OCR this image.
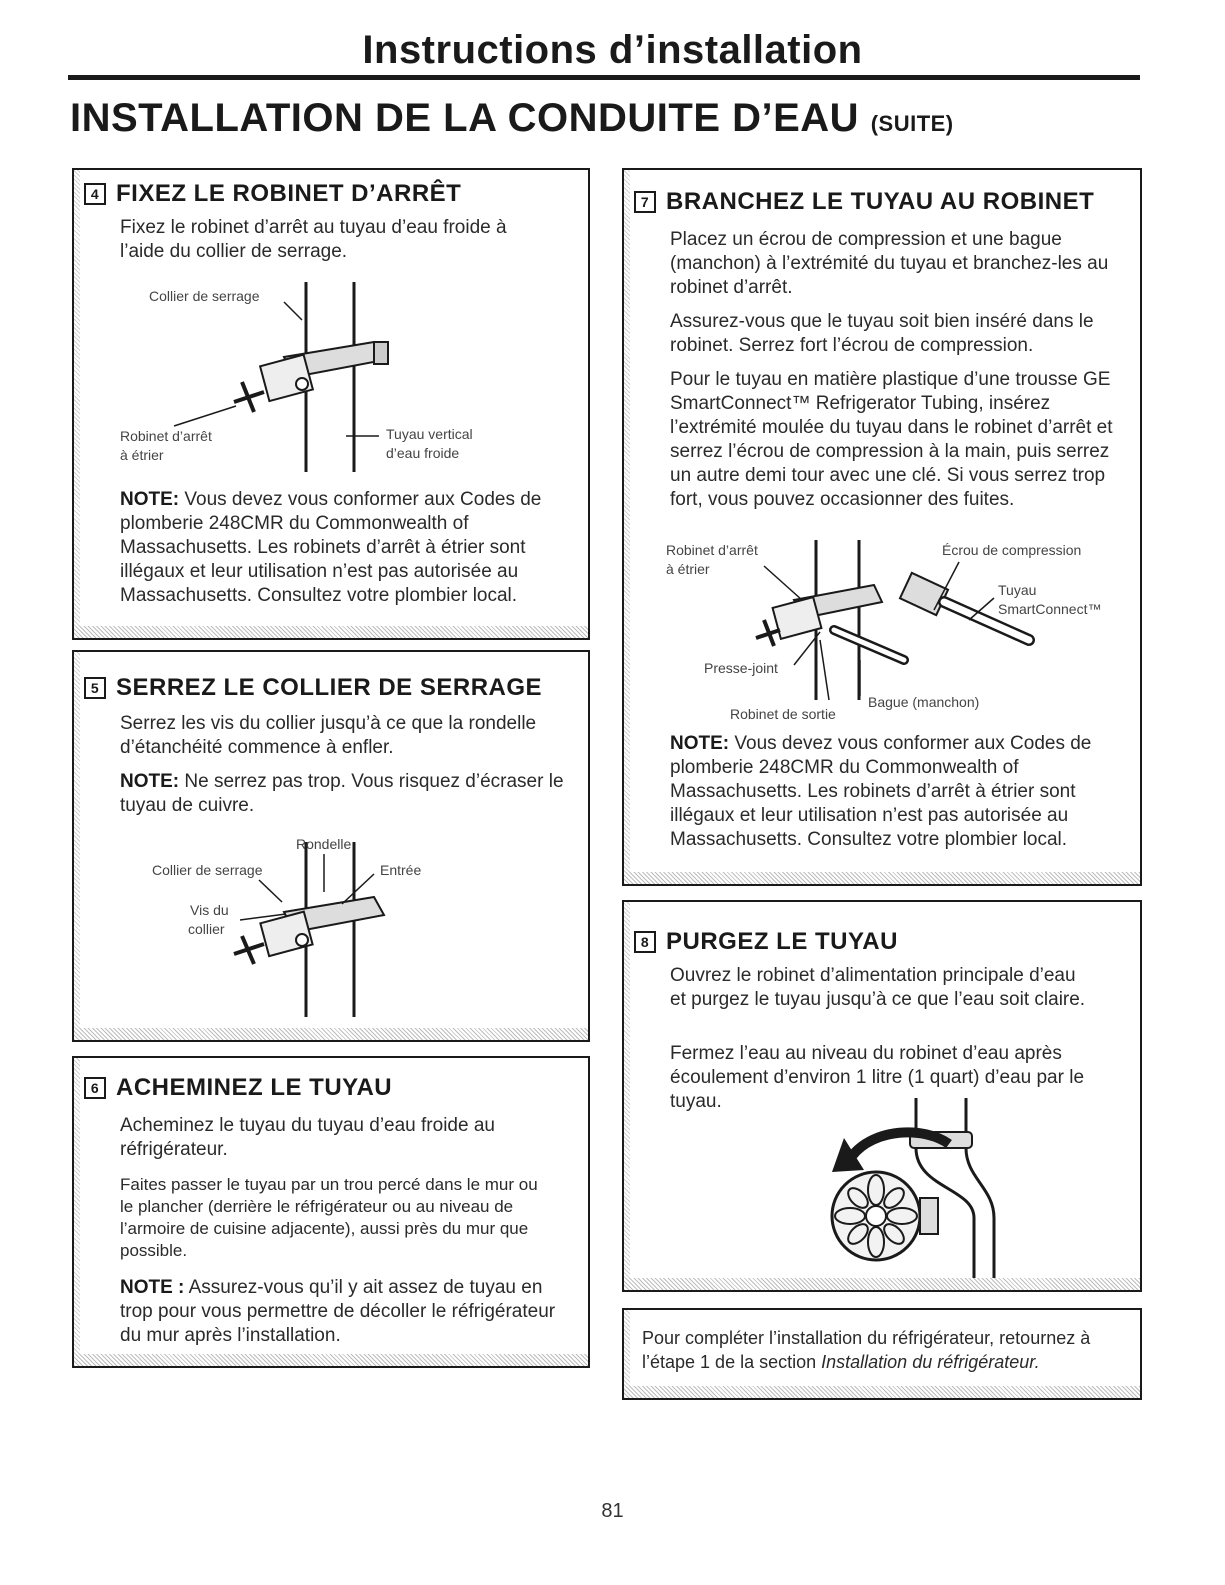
Instructions d’installation
INSTALLATION DE LA CONDUITE D’EAU (SUITE)
4 FIXEZ LE ROBINET D’ARRÊT
Fixez le robinet d’arrêt au tuyau d’eau froide à l’aide du collier de serrage.
Collier de serrage
Robinet d’arrêt
à étrier
Tuyau vertical
d’eau froide
NOTE: Vous devez vous conformer aux Codes de plomberie 248CMR du Commonwealth of Massachusetts. Les robinets d’arrêt à étrier sont illégaux et leur utilisation n’est pas autorisée au Massachusetts. Consultez votre plombier local.
5 SERREZ LE COLLIER DE SERRAGE
Serrez les vis du collier jusqu’à ce que la rondelle d’étanchéité commence à enfler.
NOTE: Ne serrez pas trop. Vous risquez d’écraser le tuyau de cuivre.
Rondelle
Collier de serrage	Entrée
Vis du
collier
6 ACHEMINEZ LE TUYAU
Acheminez le tuyau du tuyau d’eau froide au réfrigérateur.
Faites passer le tuyau par un trou percé dans le mur ou le plancher (derrière le réfrigérateur ou au niveau de l’armoire de cuisine adjacente), aussi près du mur que possible.
NOTE : Assurez-vous qu’il y ait assez de tuyau en trop pour vous permettre de décoller le réfrigérateur du mur après l’installation.
7 BRANCHEZ LE TUYAU AU ROBINET
Placez un écrou de compression et une bague (manchon) à l’extrémité du tuyau et branchez-les au robinet d’arrêt.
Assurez-vous que le tuyau soit bien inséré dans le robinet. Serrez fort l’écrou de compression.
Pour le tuyau en matière plastique d’une trousse GE SmartConnect™ Refrigerator Tubing, insérez l’extrémité moulée du tuyau dans le robinet d’arrêt et serrez l’écrou de compression à la main, puis serrez un autre demi tour avec une clé. Si vous serrez trop fort, vous pouvez occasionner des fuites.
Robinet d’arrêt
à étrier
Écrou de compression
Tuyau
SmartConnect™
Presse-joint
Robinet de sortie
Bague (manchon)
NOTE: Vous devez vous conformer aux Codes de plomberie 248CMR du Commonwealth of Massachusetts. Les robinets d’arrêt à étrier sont illégaux et leur utilisation n’est pas autorisée au Massachusetts. Consultez votre plombier local.
8 PURGEZ LE TUYAU
Ouvrez le robinet d’alimentation principale d’eau et purgez le tuyau jusqu’à ce que l’eau soit claire.
Fermez l’eau au niveau du robinet d’eau après écoulement d’environ 1 litre (1 quart) d’eau par le tuyau.
Pour compléter l’installation du réfrigérateur, retournez à l’étape 1 de la section Installation du réfrigérateur.
81
